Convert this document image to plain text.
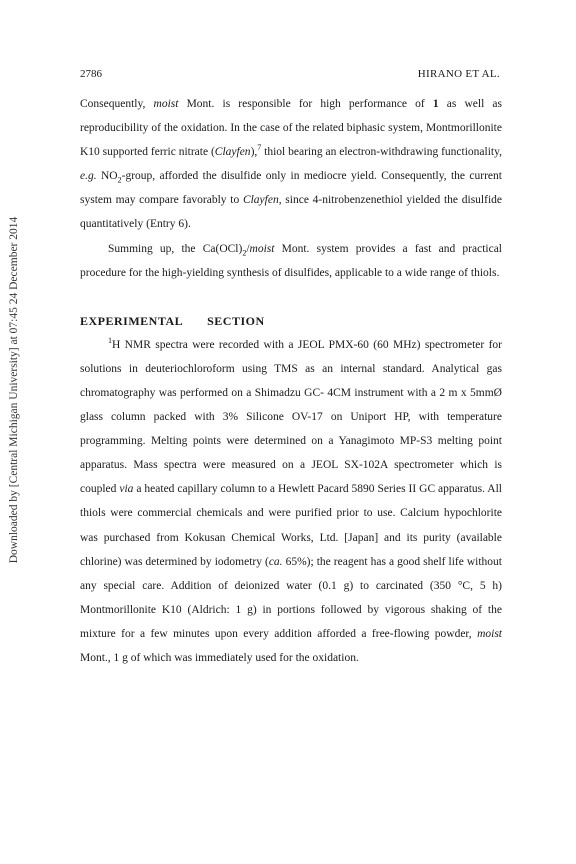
Downloaded by [Central Michigan University] at 07:45 24 December 2014
2786	HIRANO ET AL.

Consequently, moist Mont. is responsible for high performance of 1 as well as reproducibility of the oxidation. In the case of the related biphasic system, Montmorillonite K10 supported ferric nitrate (Clayfen),$^7$ thiol bearing an electron-withdrawing functionality, e.g. $NO_2$-group, afforded the disulfide only in mediocre yield. Consequently, the current system may compare favorably to Clayfen, since 4-nitrobenzenethiol yielded the disulfide quantitatively (Entry 6).

Summing up, the $Ca(OCl)_2$/moist Mont. system provides a fast and practical procedure for the high-yielding synthesis of disulfides, applicable to a wide range of thiols.

EXPERIMENTAL SECTION

$^1$H NMR spectra were recorded with a JEOL PMX-60 (60 MHz) spectrometer for solutions in deuteriochloroform using TMS as an internal standard. Analytical gas chromatography was performed on a Shimadzu GC- 4CM instrument with a 2 m x 5mmØ glass column packed with 3% Silicone OV-17 on Uniport HP, with temperature programming. Melting points were determined on a Yanagimoto MP-S3 melting point apparatus. Mass spectra were measured on a JEOL SX-102A spectrometer which is coupled via a heated capillary column to a Hewlett Pacard 5890 Series II GC apparatus. All thiols were commercial chemicals and were purified prior to use. Calcium hypochlorite was purchased from Kokusan Chemical Works, Ltd. [Japan] and its purity (available chlorine) was determined by iodometry (ca. 65%); the reagent has a good shelf life without any special care. Addition of deionized water (0.1 g) to carcinated (350 °C, 5 h) Montmorillonite K10 (Aldrich: 1 g) in portions followed by vigorous shaking of the mixture for a few minutes upon every addition afforded a free-flowing powder, moist Mont., 1 g of which was immediately used for the oxidation.
